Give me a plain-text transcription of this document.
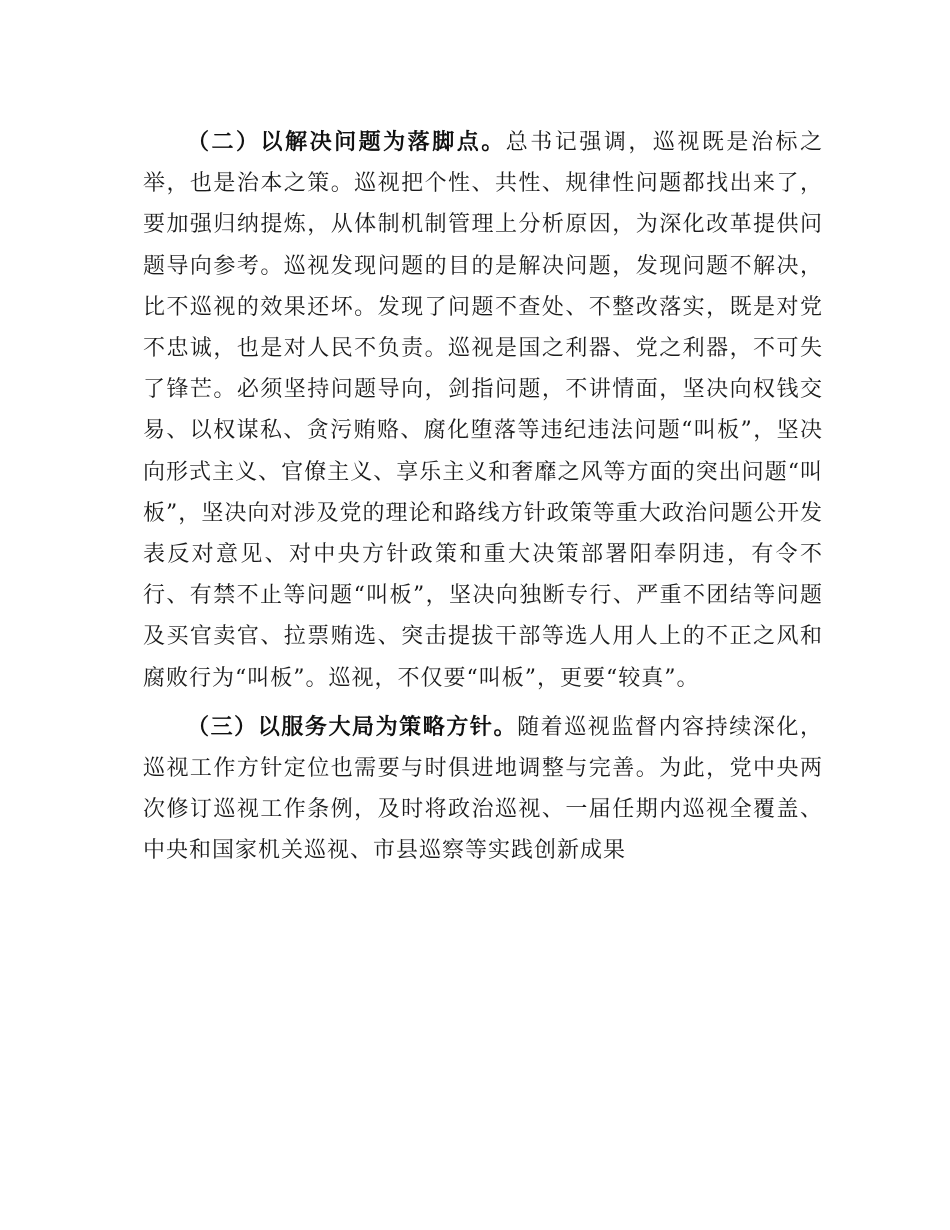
（二）以解决问题为落脚点。总书记强调，巡视既是治标之举，也是治本之策。巡视把个性、共性、规律性问题都找出来了，要加强归纳提炼，从体制机制管理上分析原因，为深化改革提供问题导向参考。巡视发现问题的目的是解决问题，发现问题不解决，比不巡视的效果还坏。发现了问题不查处、不整改落实，既是对党不忠诚，也是对人民不负责。巡视是国之利器、党之利器，不可失了锋芒。必须坚持问题导向，剑指问题，不讲情面，坚决向权钱交易、以权谋私、贪污贿赂、腐化堕落等违纪违法问题“叫板”，坚决向形式主义、官僚主义、享乐主义和奢靡之风等方面的突出问题“叫板”，坚决向对涉及党的理论和路线方针政策等重大政治问题公开发表反对意见、对中央方针政策和重大决策部署阳奉阴违，有令不行、有禁不止等问题“叫板”，坚决向独断专行、严重不团结等问题及买官卖官、拉票贿选、突击提拔干部等选人用人上的不正之风和腐败行为“叫板”。巡视，不仅要“叫板”，更要“较真”。

（三）以服务大局为策略方针。随着巡视监督内容持续深化，巡视工作方针定位也需要与时俱进地调整与完善。为此，党中央两次修订巡视工作条例，及时将政治巡视、一届任期内巡视全覆盖、中央和国家机关巡视、市县巡察等实践创新成果
